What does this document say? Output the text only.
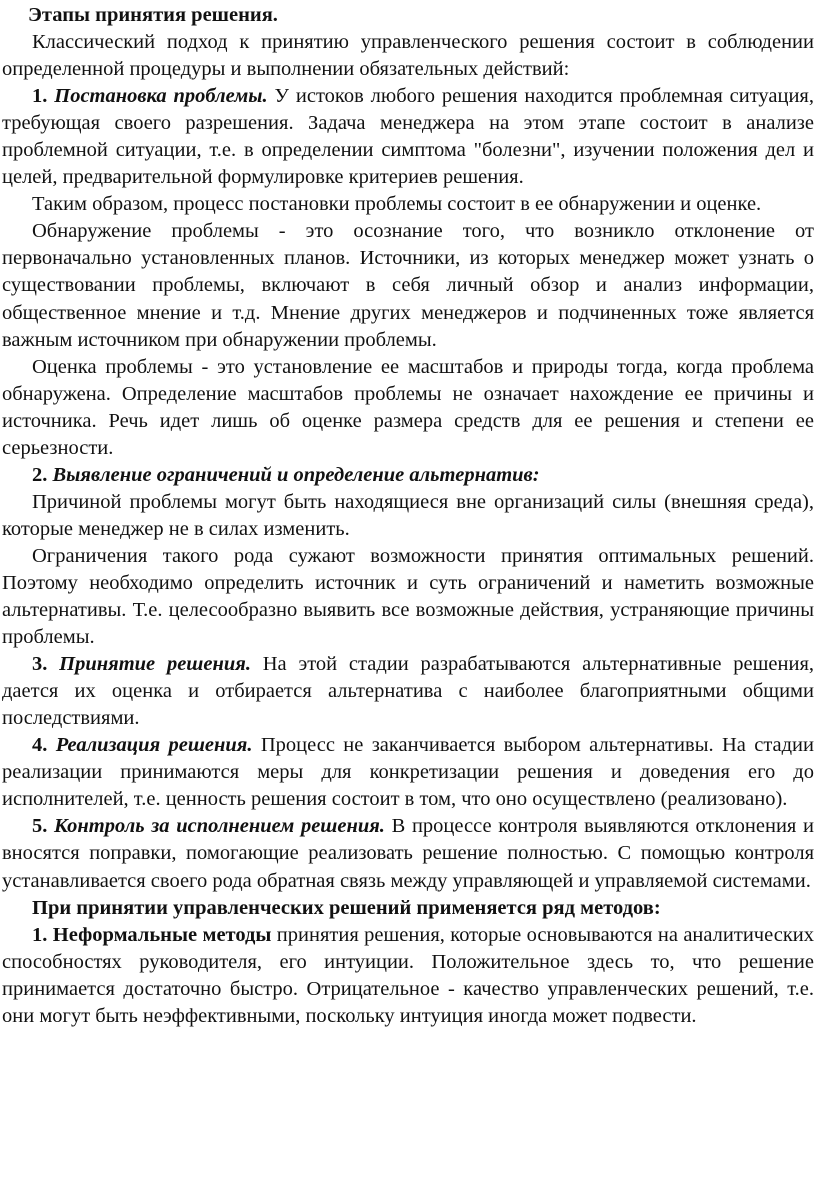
Этапы принятия решения.

Классический подход к принятию управленческого решения состоит в соблюдении определенной процедуры и выполнении обязательных действий:

1. Постановка проблемы. У истоков любого решения находится проблемная ситуация, требующая своего разрешения. Задача менеджера на этом этапе состоит в анализе проблемной ситуации, т.е. в определении симптома "болезни", изучении положения дел и целей, предварительной формулировке критериев решения.

Таким образом, процесс постановки проблемы состоит в ее обнаружении и оценке.

Обнаружение проблемы - это осознание того, что возникло отклонение от первоначально установленных планов. Источники, из которых менеджер может узнать о существовании проблемы, включают в себя личный обзор и анализ информации, общественное мнение и т.д. Мнение других менеджеров и подчиненных тоже является важным источником при обнаружении проблемы.

Оценка проблемы - это установление ее масштабов и природы тогда, когда проблема обнаружена. Определение масштабов проблемы не означает нахождение ее причины и источника. Речь идет лишь об оценке размера средств для ее решения и степени ее серьезности.

2. Выявление ограничений и определение альтернатив:

Причиной проблемы могут быть находящиеся вне организаций силы (внешняя среда), которые менеджер не в силах изменить.

Ограничения такого рода сужают возможности принятия оптимальных решений. Поэтому необходимо определить источник и суть ограничений и наметить возможные альтернативы. Т.е. целесообразно выявить все возможные действия, устраняющие причины проблемы.

3. Принятие решения. На этой стадии разрабатываются альтернативные решения, дается их оценка и отбирается альтернатива с наиболее благоприятными общими последствиями.

4. Реализация решения. Процесс не заканчивается выбором альтернативы. На стадии реализации принимаются меры для конкретизации решения и доведения его до исполнителей, т.е. ценность решения состоит в том, что оно осуществлено (реализовано).

5. Контроль за исполнением решения. В процессе контроля выявляются отклонения и вносятся поправки, помогающие реализовать решение полностью. С помощью контроля устанавливается своего рода обратная связь между управляющей и управляемой системами.

При принятии управленческих решений применяется ряд методов:

1. Неформальные методы принятия решения, которые основываются на аналитических способностях руководителя, его интуиции. Положительное здесь то, что решение принимается достаточно быстро. Отрицательное - качество управленческих решений, т.е. они могут быть неэффективными, поскольку интуиция иногда может подвести.
